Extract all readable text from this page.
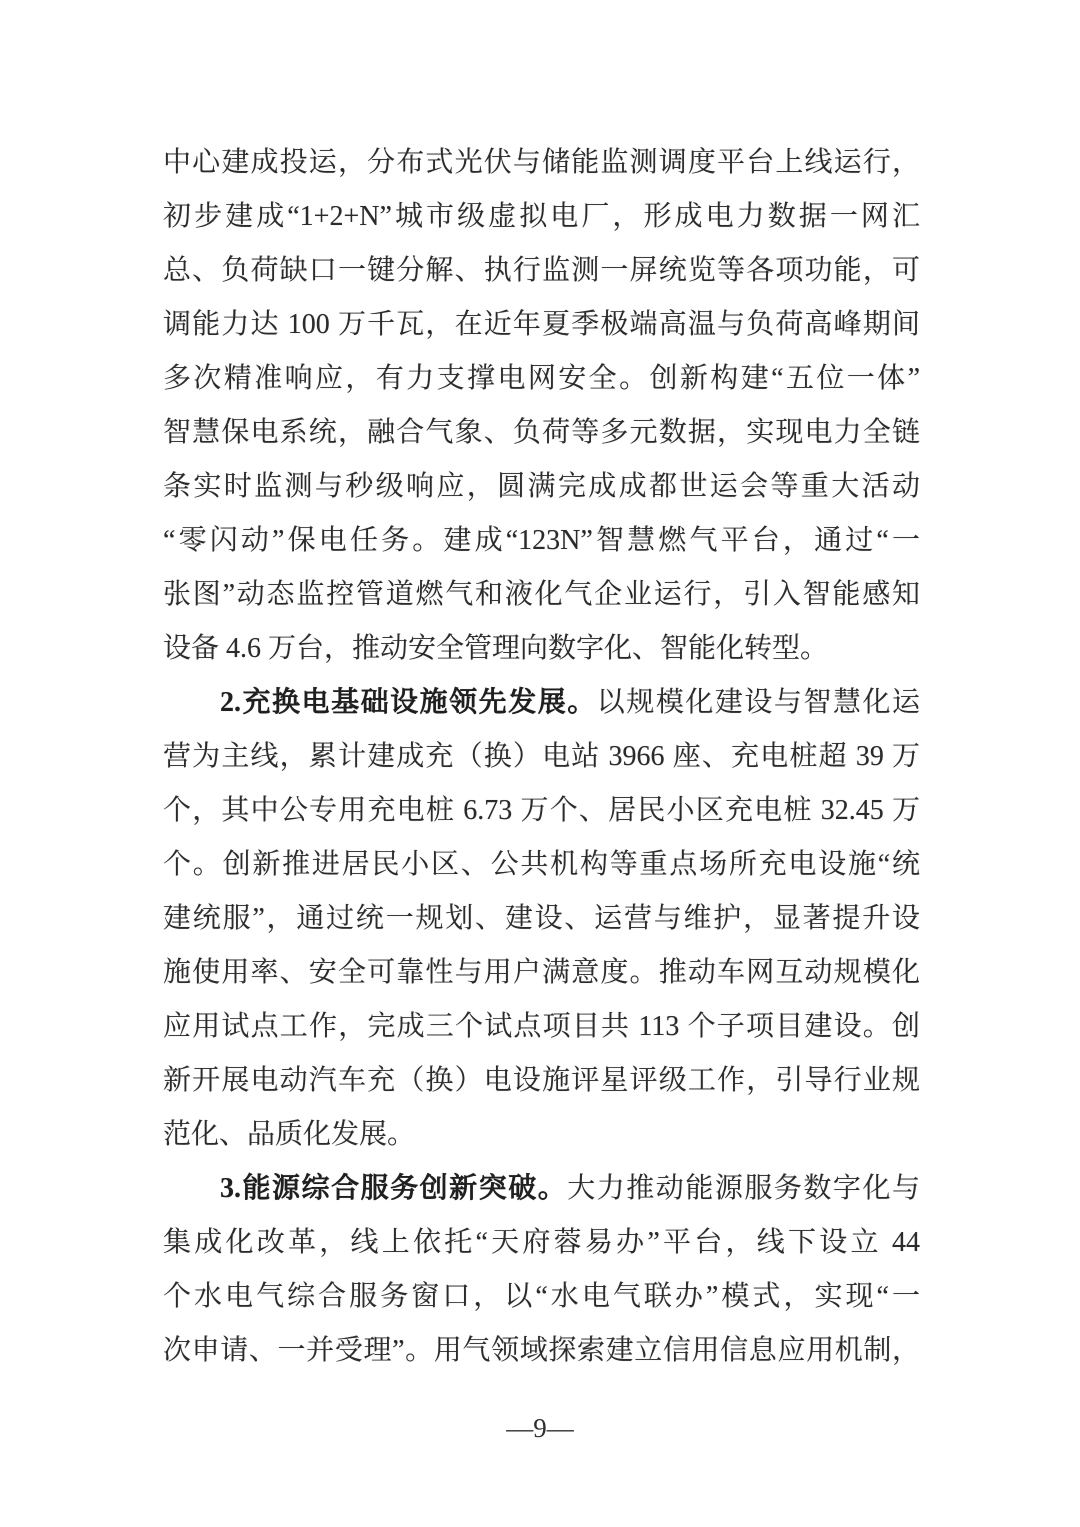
中心建成投运，分布式光伏与储能监测调度平台上线运行，
初步建成“1+2+N”城市级虚拟电厂，形成电力数据一网汇
总、负荷缺口一键分解、执行监测一屏统览等各项功能，可
调能力达 100 万千瓦，在近年夏季极端高温与负荷高峰期间
多次精准响应，有力支撑电网安全。创新构建“五位一体”
智慧保电系统，融合气象、负荷等多元数据，实现电力全链
条实时监测与秒级响应，圆满完成成都世运会等重大活动
“零闪动”保电任务。建成“123N”智慧燃气平台，通过“一
张图”动态监控管道燃气和液化气企业运行，引入智能感知
设备 4.6 万台，推动安全管理向数字化、智能化转型。
2.充换电基础设施领先发展。以规模化建设与智慧化运
营为主线，累计建成充（换）电站 3966 座、充电桩超 39 万
个，其中公专用充电桩 6.73 万个、居民小区充电桩 32.45 万
个。创新推进居民小区、公共机构等重点场所充电设施“统
建统服”，通过统一规划、建设、运营与维护，显著提升设
施使用率、安全可靠性与用户满意度。推动车网互动规模化
应用试点工作，完成三个试点项目共 113 个子项目建设。创
新开展电动汽车充（换）电设施评星评级工作，引导行业规
范化、品质化发展。
3.能源综合服务创新突破。大力推动能源服务数字化与
集成化改革，线上依托“天府蓉易办”平台，线下设立 44
个水电气综合服务窗口，以“水电气联办”模式，实现“一
次申请、一并受理”。用气领域探索建立信用信息应用机制，
—9—
